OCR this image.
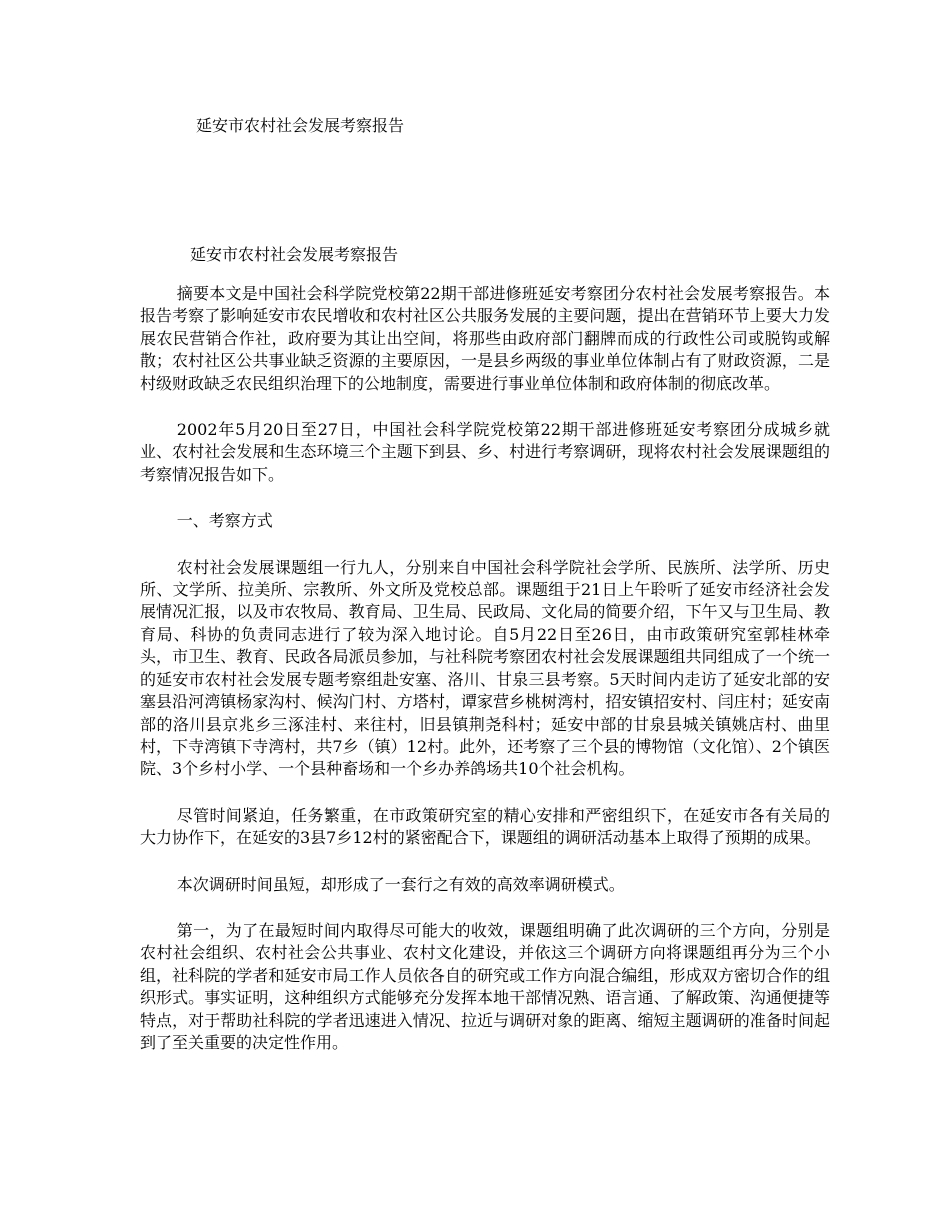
延安市农村社会发展考察报告
延安市农村社会发展考察报告

摘要本文是中国社会科学院党校第22期干部进修班延安考察团分农村社会发展考察报告。本报告考察了影响延安市农民增收和农村社区公共服务发展的主要问题，提出在营销环节上要大力发展农民营销合作社，政府要为其让出空间，将那些由政府部门翻牌而成的行政性公司或脱钩或解散；农村社区公共事业缺乏资源的主要原因，一是县乡两级的事业单位体制占有了财政资源，二是村级财政缺乏农民组织治理下的公地制度，需要进行事业单位体制和政府体制的彻底改革。

2002年5月20日至27日，中国社会科学院党校第22期干部进修班延安考察团分成城乡就业、农村社会发展和生态环境三个主题下到县、乡、村进行考察调研，现将农村社会发展课题组的考察情况报告如下。

一、考察方式

农村社会发展课题组一行九人，分别来自中国社会科学院社会学所、民族所、法学所、历史所、文学所、拉美所、宗教所、外文所及党校总部。课题组于21日上午聆听了延安市经济社会发展情况汇报，以及市农牧局、教育局、卫生局、民政局、文化局的简要介绍，下午又与卫生局、教育局、科协的负责同志进行了较为深入地讨论。自5月22日至26日，由市政策研究室郭桂林牵头，市卫生、教育、民政各局派员参加，与社科院考察团农村社会发展课题组共同组成了一个统一的延安市农村社会发展专题考察组赴安塞、洛川、甘泉三县考察。5天时间内走访了延安北部的安塞县沿河湾镇杨家沟村、候沟门村、方塔村，谭家营乡桃树湾村，招安镇招安村、闫庄村；延安南部的洛川县京兆乡三涿洼村、来往村，旧县镇荆尧科村；延安中部的甘泉县城关镇姚店村、曲里村，下寺湾镇下寺湾村，共7乡（镇）12村。此外，还考察了三个县的博物馆（文化馆）、2个镇医院、3个乡村小学、一个县种畜场和一个乡办养鸽场共10个社会机构。

尽管时间紧迫，任务繁重，在市政策研究室的精心安排和严密组织下，在延安市各有关局的大力协作下，在延安的3县7乡12村的紧密配合下，课题组的调研活动基本上取得了预期的成果。

本次调研时间虽短，却形成了一套行之有效的高效率调研模式。

第一，为了在最短时间内取得尽可能大的收效，课题组明确了此次调研的三个方向，分别是农村社会组织、农村社会公共事业、农村文化建设，并依这三个调研方向将课题组再分为三个小组，社科院的学者和延安市局工作人员依各自的研究或工作方向混合编组，形成双方密切合作的组织形式。事实证明，这种组织方式能够充分发挥本地干部情况熟、语言通、了解政策、沟通便捷等特点，对于帮助社科院的学者迅速进入情况、拉近与调研对象的距离、缩短主题调研的准备时间起到了至关重要的决定性作用。
